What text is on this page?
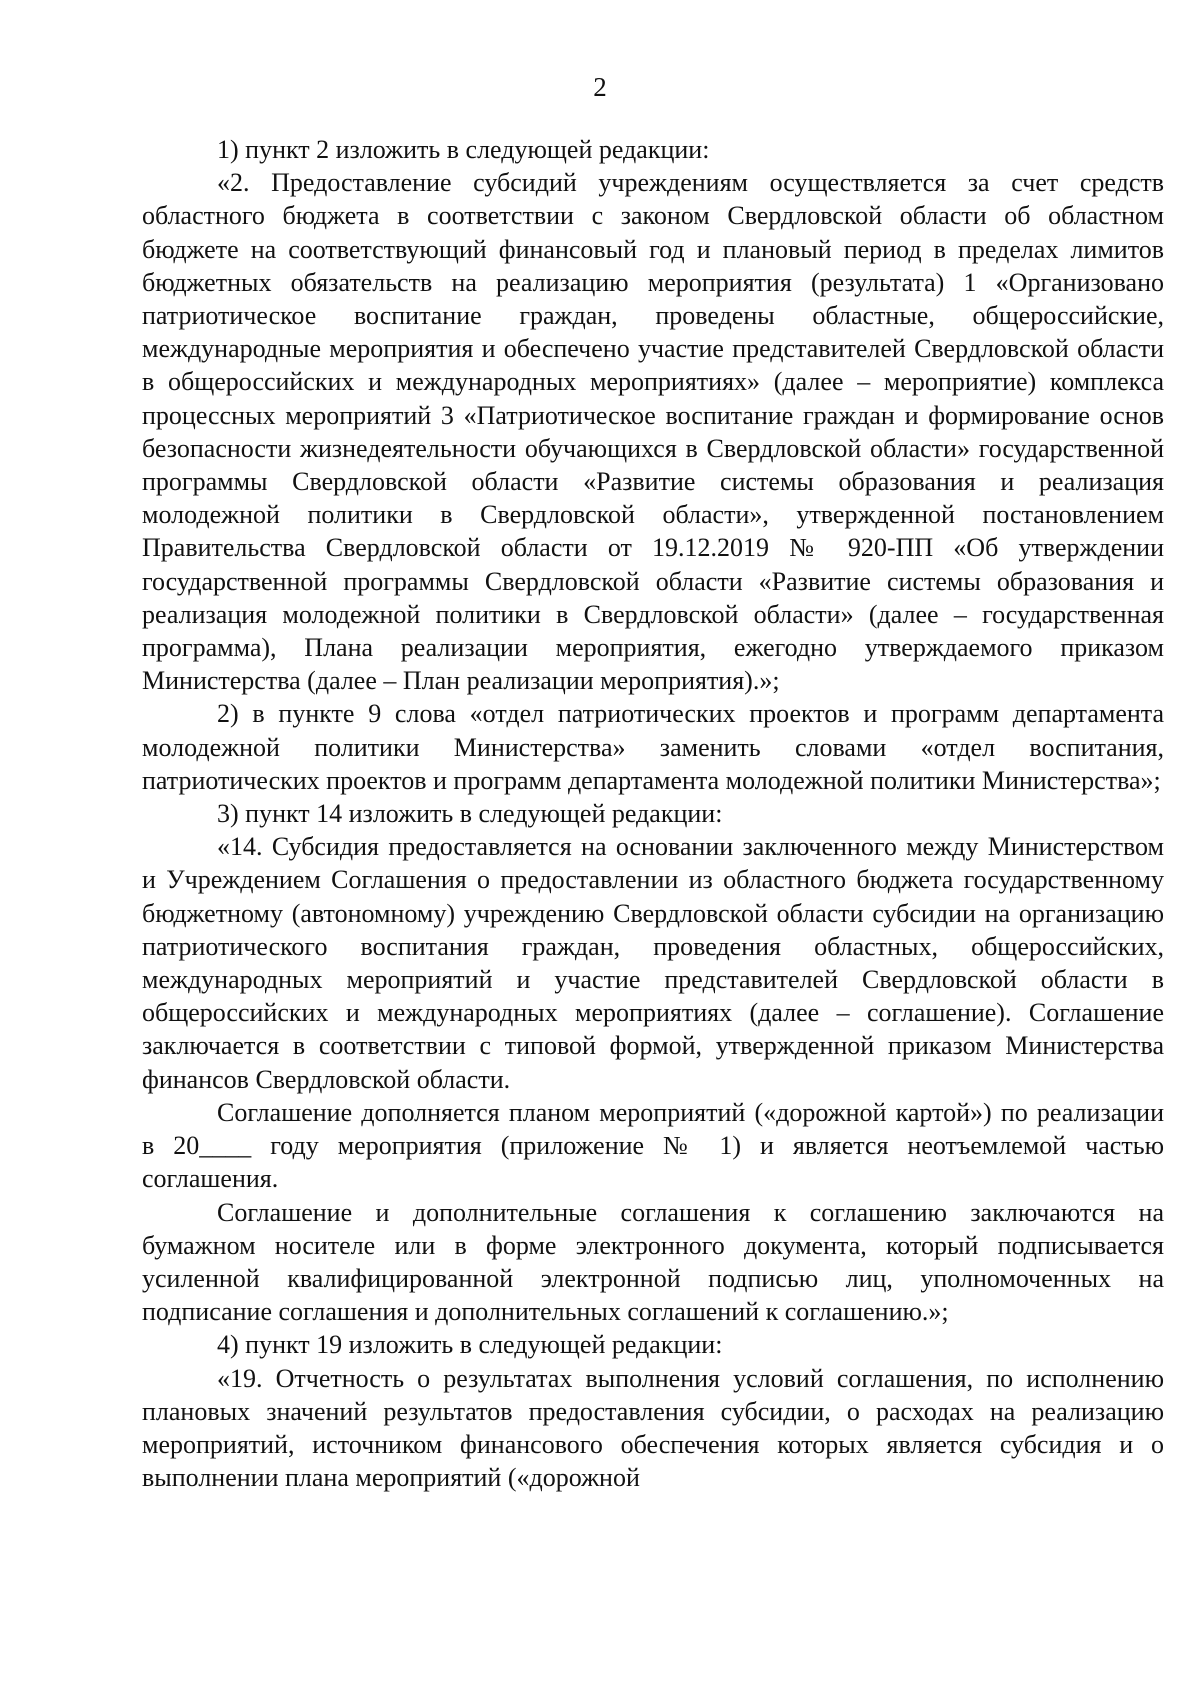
2

1) пункт 2 изложить в следующей редакции:

«2. Предоставление субсидий учреждениям осуществляется за счет средств областного бюджета в соответствии с законом Свердловской области об областном бюджете на соответствующий финансовый год и плановый период в пределах лимитов бюджетных обязательств на реализацию мероприятия (результата) 1 «Организовано патриотическое воспитание граждан, проведены областные, общероссийские, международные мероприятия и обеспечено участие представителей Свердловской области в общероссийских и международных мероприятиях» (далее – мероприятие) комплекса процессных мероприятий 3 «Патриотическое воспитание граждан и формирование основ безопасности жизнедеятельности обучающихся в Свердловской области» государственной программы Свердловской области «Развитие системы образования и реализация молодежной политики в Свердловской области», утвержденной постановлением Правительства Свердловской области от 19.12.2019 № 920-ПП «Об утверждении государственной программы Свердловской области «Развитие системы образования и реализация молодежной политики в Свердловской области» (далее – государственная программа), Плана реализации мероприятия, ежегодно утверждаемого приказом Министерства (далее – План реализации мероприятия).»;

2) в пункте 9 слова «отдел патриотических проектов и программ департамента молодежной политики Министерства» заменить словами «отдел воспитания, патриотических проектов и программ департамента молодежной политики Министерства»;

3) пункт 14 изложить в следующей редакции:

«14. Субсидия предоставляется на основании заключенного между Министерством и Учреждением Соглашения о предоставлении из областного бюджета государственному бюджетному (автономному) учреждению Свердловской области субсидии на организацию патриотического воспитания граждан, проведения областных, общероссийских, международных мероприятий и участие представителей Свердловской области в общероссийских и международных мероприятиях (далее – соглашение). Соглашение заключается в соответствии с типовой формой, утвержденной приказом Министерства финансов Свердловской области.

Соглашение дополняется планом мероприятий («дорожной картой») по реализации в 20____ году мероприятия (приложение № 1) и является неотъемлемой частью соглашения.

Соглашение и дополнительные соглашения к соглашению заключаются на бумажном носителе или в форме электронного документа, который подписывается усиленной квалифицированной электронной подписью лиц, уполномоченных на подписание соглашения и дополнительных соглашений к соглашению.»;

4) пункт 19 изложить в следующей редакции:

«19. Отчетность о результатах выполнения условий соглашения, по исполнению плановых значений результатов предоставления субсидии, о расходах на реализацию мероприятий, источником финансового обеспечения которых является субсидия и о выполнении плана мероприятий («дорожной
